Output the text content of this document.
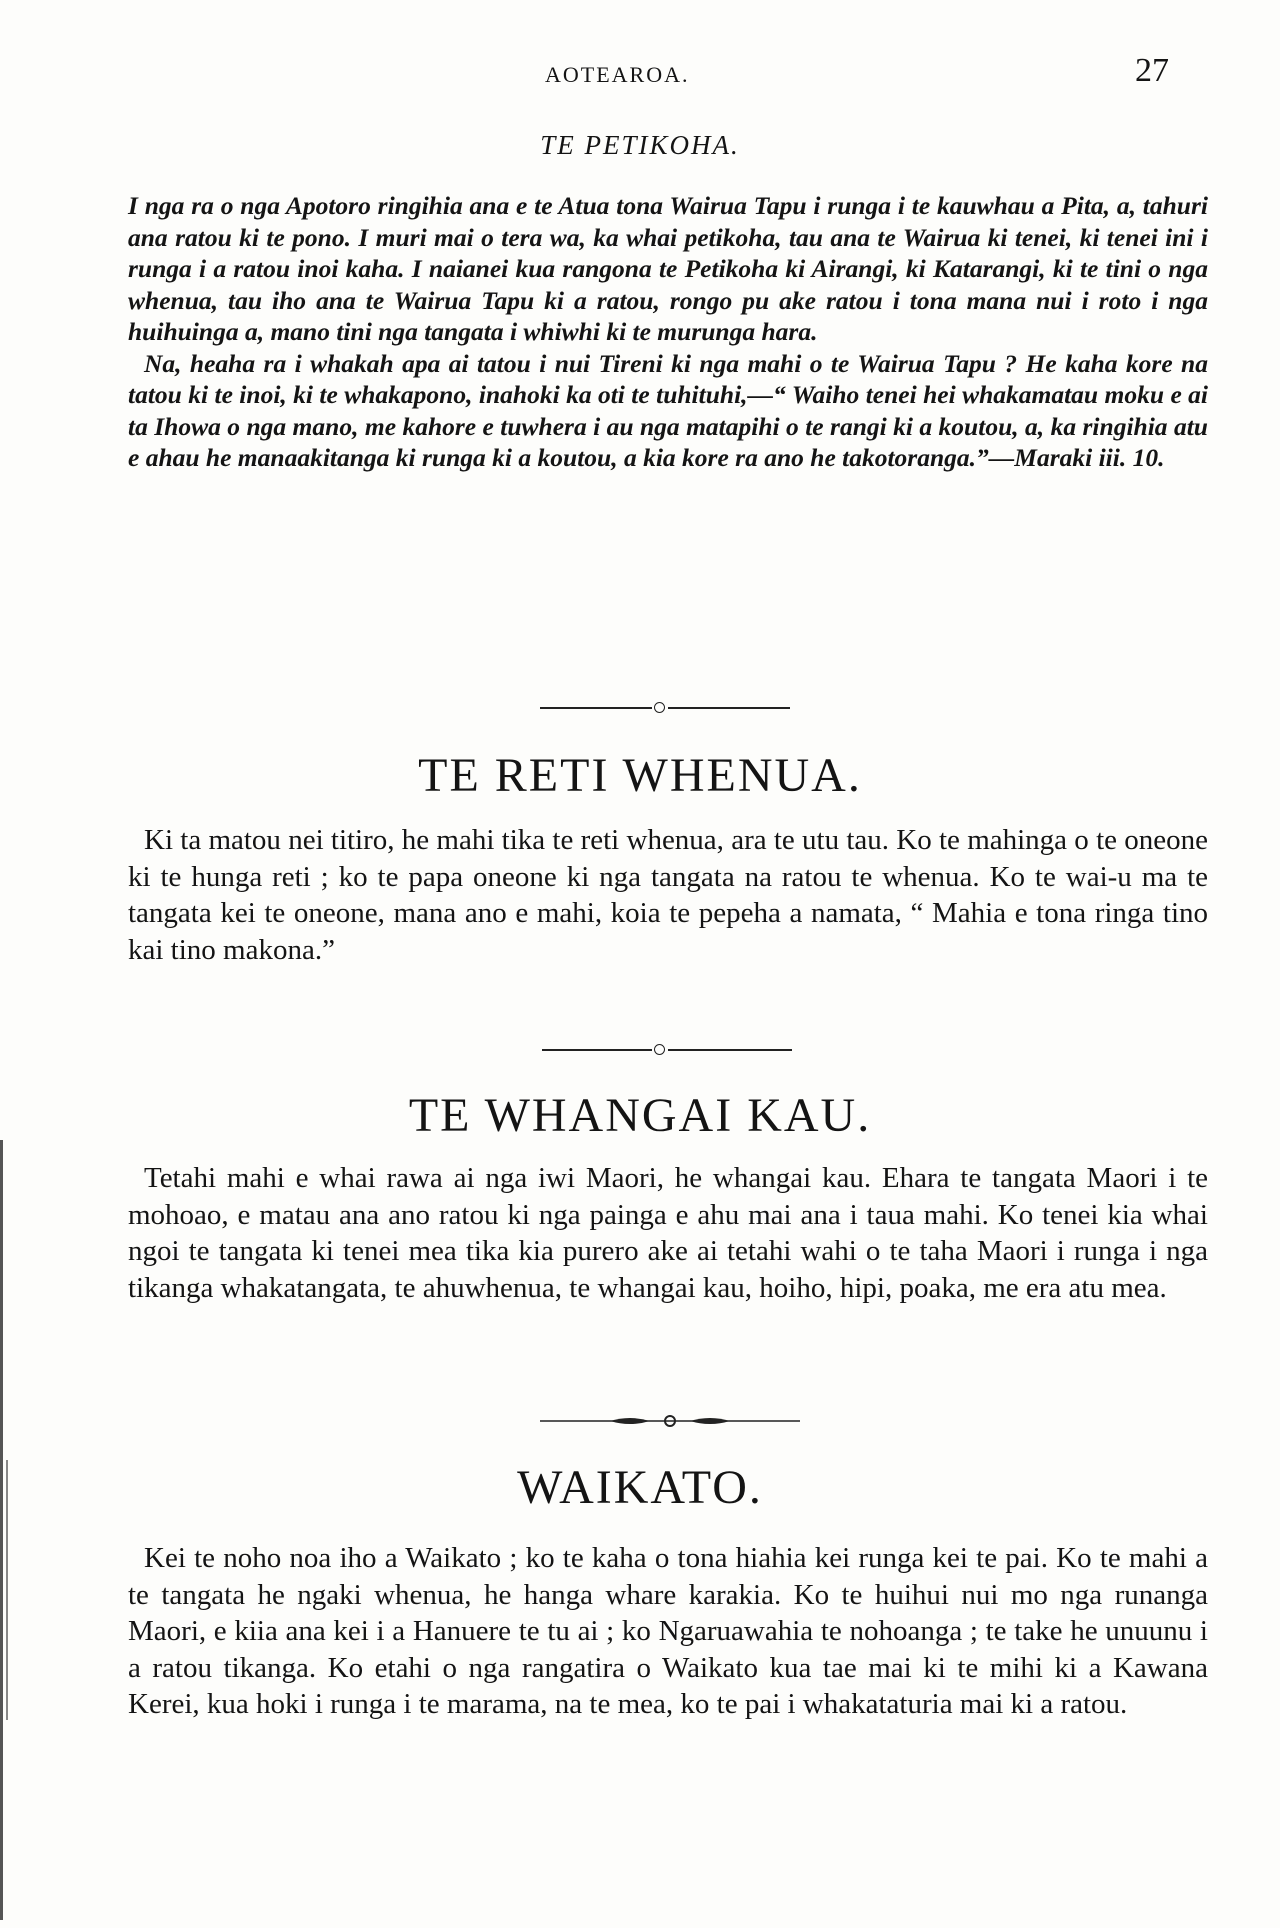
AOTEAROA.	27
TE PETIKOHA.

I nga ra o nga Apotoro ringihia ana e te Atua tona Wairua Tapu i runga i te kauwhau a Pita, a, tahuri ana ratou ki te pono. I muri mai o tera wa, ka whai petikoha, tau ana te Wairua ki tenei, ki tenei ini i runga i a ratou inoi kaha. I naianei kua rangona te Petikoha ki Airangi, ki Katarangi, ki te tini o nga whenua, tau iho ana te Wairua Tapu ki a ratou, rongo pu ake ratou i tona mana nui i roto i nga huihuinga a, mano tini nga tangata i whiwhi ki te murunga hara.

Na, heaha ra i whakah apa ai tatou i nui Tireni ki nga mahi o te Wairua Tapu ? He kaha kore na tatou ki te inoi, ki te whakapono, inahoki ka oti te tuhituhi,—“ Waiho tenei hei whakamatau moku e ai ta Ihowa o nga mano, me kahore e tuwhera i au nga matapihi o te rangi ki a koutou, a, ka ringihia atu e ahau he manaakitanga ki runga ki a koutou, a kia kore ra ano he takotoranga.”—Maraki iii. 10.

TE RETI WHENUA.

Ki ta matou nei titiro, he mahi tika te reti whenua, ara te utu tau. Ko te mahinga o te oneone ki te hunga reti ; ko te papa oneone ki nga tangata na ratou te whenua. Ko te wai-u ma te tangata kei te oneone, mana ano e mahi, koia te pepeha a namata, “ Mahia e tona ringa tino kai tino makona.”

TE WHANGAI KAU.

Tetahi mahi e whai rawa ai nga iwi Maori, he whangai kau. Ehara te tangata Maori i te mohoao, e matau ana ano ratou ki nga painga e ahu mai ana i taua mahi. Ko tenei kia whai ngoi te tangata ki tenei mea tika kia purero ake ai tetahi wahi o te taha Maori i runga i nga tikanga whakatangata, te ahuwhenua, te whangai kau, hoiho, hipi, poaka, me era atu mea.

WAIKATO.

Kei te noho noa iho a Waikato ; ko te kaha o tona hiahia kei runga kei te pai. Ko te mahi a te tangata he ngaki whenua, he hanga whare karakia. Ko te huihui nui mo nga runanga Maori, e kiia ana kei i a Hanuere te tu ai ; ko Ngaruawahia te nohoanga ; te take he unuunu i a ratou tikanga. Ko etahi o nga rangatira o Waikato kua tae mai ki te mihi ki a Kawana Kerei, kua hoki i runga i te marama, na te mea, ko te pai i whakataturia mai ki a ratou.
